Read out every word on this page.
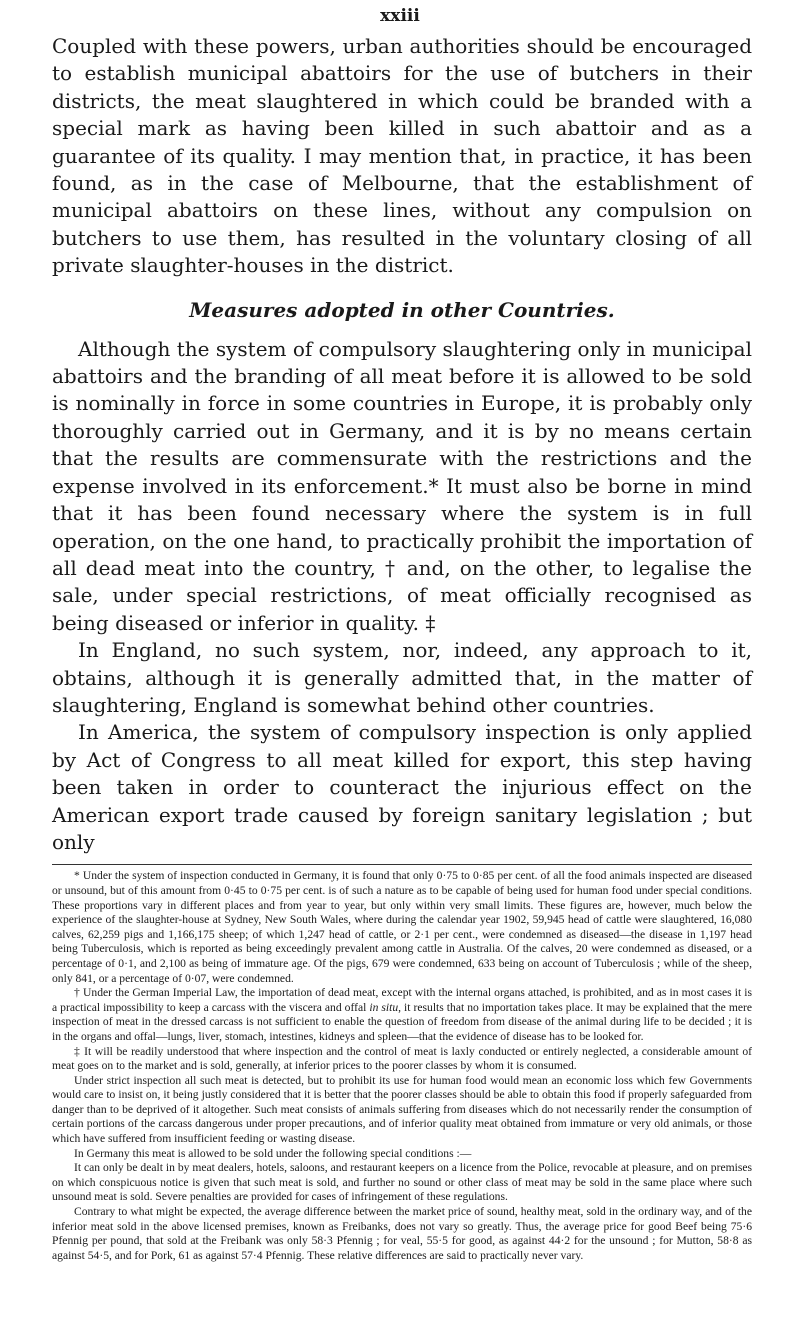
xxiii

Coupled with these powers, urban authorities should be encouraged to establish municipal abattoirs for the use of butchers in their districts, the meat slaughtered in which could be branded with a special mark as having been killed in such abattoir and as a guarantee of its quality. I may mention that, in practice, it has been found, as in the case of Melbourne, that the establishment of municipal abattoirs on these lines, without any compulsion on butchers to use them, has resulted in the voluntary closing of all private slaughter-houses in the district.

Measures adopted in other Countries.

Although the system of compulsory slaughtering only in municipal abattoirs and the branding of all meat before it is allowed to be sold is nominally in force in some countries in Europe, it is probably only thoroughly carried out in Germany, and it is by no means certain that the results are commensurate with the restrictions and the expense involved in its enforcement.* It must also be borne in mind that it has been found necessary where the system is in full operation, on the one hand, to practically prohibit the importation of all dead meat into the country, † and, on the other, to legalise the sale, under special restrictions, of meat officially recognised as being diseased or inferior in quality. ‡

In England, no such system, nor, indeed, any approach to it, obtains, although it is generally admitted that, in the matter of slaughtering, England is somewhat behind other countries.

In America, the system of compulsory inspection is only applied by Act of Congress to all meat killed for export, this step having been taken in order to counteract the injurious effect on the American export trade caused by foreign sanitary legislation ; but only

* Under the system of inspection conducted in Germany, it is found that only 0·75 to 0·85 per cent. of all the food animals inspected are diseased or unsound, but of this amount from 0·45 to 0·75 per cent. is of such a nature as to be capable of being used for human food under special conditions. These proportions vary in different places and from year to year, but only within very small limits. These figures are, however, much below the experience of the slaughter-house at Sydney, New South Wales, where during the calendar year 1902, 59,945 head of cattle were slaughtered, 16,080 calves, 62,259 pigs and 1,166,175 sheep; of which 1,247 head of cattle, or 2·1 per cent., were condemned as diseased—the disease in 1,197 head being Tuberculosis, which is reported as being exceedingly prevalent among cattle in Australia. Of the calves, 20 were condemned as diseased, or a percentage of 0·1, and 2,100 as being of immature age. Of the pigs, 679 were condemned, 633 being on account of Tuberculosis ; while of the sheep, only 841, or a percentage of 0·07, were condemned.

† Under the German Imperial Law, the importation of dead meat, except with the internal organs attached, is prohibited, and as in most cases it is a practical impossibility to keep a carcass with the viscera and offal in situ, it results that no importation takes place. It may be explained that the mere inspection of meat in the dressed carcass is not sufficient to enable the question of freedom from disease of the animal during life to be decided ; it is in the organs and offal—lungs, liver, stomach, intestines, kidneys and spleen—that the evidence of disease has to be looked for.

‡ It will be readily understood that where inspection and the control of meat is laxly conducted or entirely neglected, a considerable amount of meat goes on to the market and is sold, generally, at inferior prices to the poorer classes by whom it is consumed.

Under strict inspection all such meat is detected, but to prohibit its use for human food would mean an economic loss which few Governments would care to insist on, it being justly considered that it is better that the poorer classes should be able to obtain this food if properly safeguarded from danger than to be deprived of it altogether. Such meat consists of animals suffering from diseases which do not necessarily render the consumption of certain portions of the carcass dangerous under proper precautions, and of inferior quality meat obtained from immature or very old animals, or those which have suffered from insufficient feeding or wasting disease.

In Germany this meat is allowed to be sold under the following special conditions :—

It can only be dealt in by meat dealers, hotels, saloons, and restaurant keepers on a licence from the Police, revocable at pleasure, and on premises on which conspicuous notice is given that such meat is sold, and further no sound or other class of meat may be sold in the same place where such unsound meat is sold. Severe penalties are provided for cases of infringement of these regulations.

Contrary to what might be expected, the average difference between the market price of sound, healthy meat, sold in the ordinary way, and of the inferior meat sold in the above licensed premises, known as Freibanks, does not vary so greatly. Thus, the average price for good Beef being 75·6 Pfennig per pound, that sold at the Freibank was only 58·3 Pfennig ; for veal, 55·5 for good, as against 44·2 for the unsound ; for Mutton, 58·8 as against 54·5, and for Pork, 61 as against 57·4 Pfennig. These relative differences are said to practically never vary.
